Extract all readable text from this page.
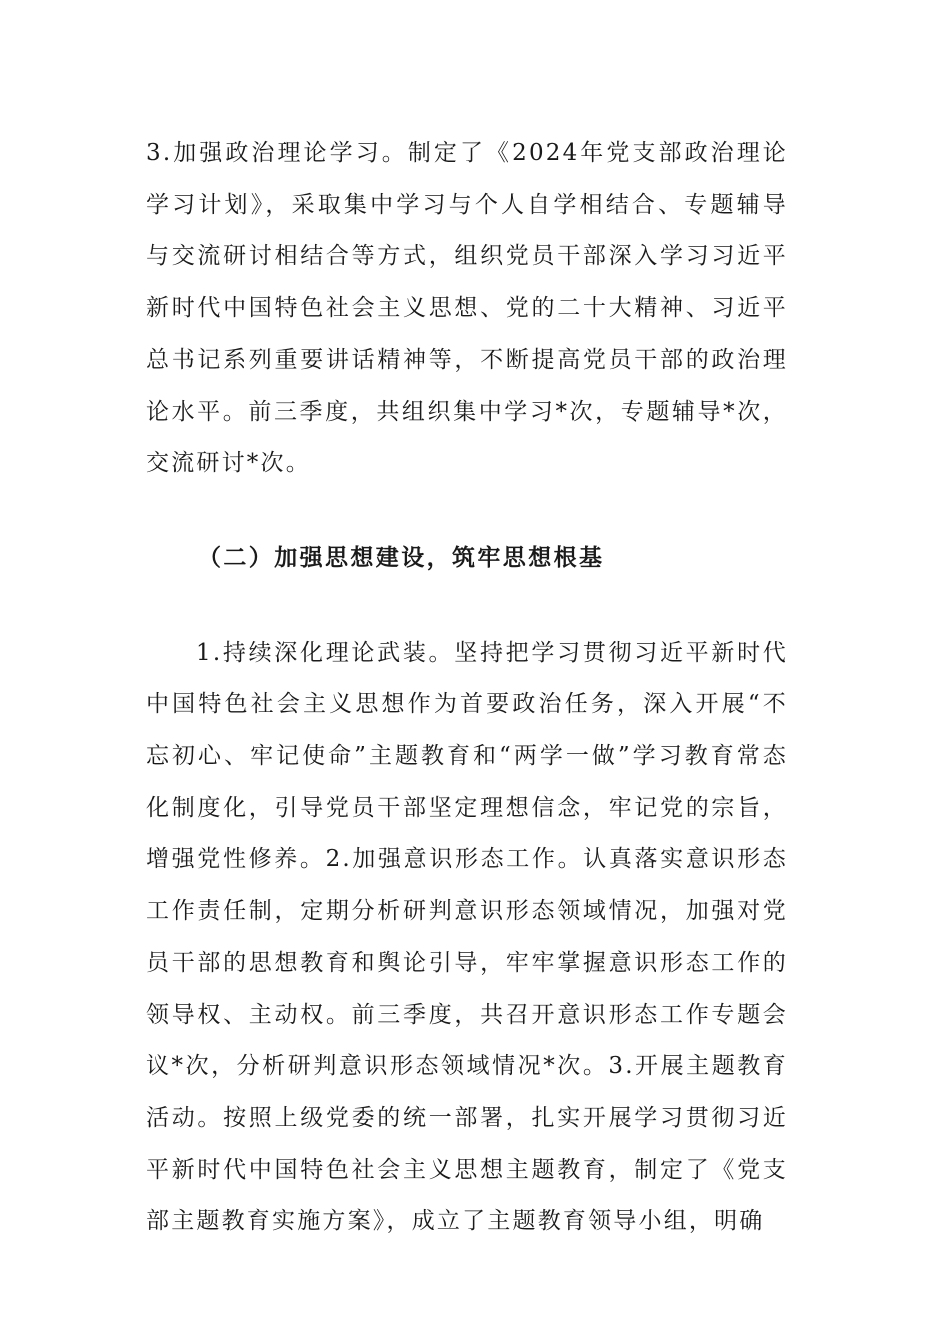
3.加强政治理论学习。制定了《2024年党支部政治理论学习计划》，采取集中学习与个人自学相结合、专题辅导与交流研讨相结合等方式，组织党员干部深入学习习近平新时代中国特色社会主义思想、党的二十大精神、习近平总书记系列重要讲话精神等，不断提高党员干部的政治理论水平。前三季度，共组织集中学习*次，专题辅导*次，交流研讨*次。

（二）加强思想建设，筑牢思想根基

1.持续深化理论武装。坚持把学习贯彻习近平新时代中国特色社会主义思想作为首要政治任务，深入开展“不忘初心、牢记使命”主题教育和“两学一做”学习教育常态化制度化，引导党员干部坚定理想信念，牢记党的宗旨，增强党性修养。2.加强意识形态工作。认真落实意识形态工作责任制，定期分析研判意识形态领域情况，加强对党员干部的思想教育和舆论引导，牢牢掌握意识形态工作的领导权、主动权。前三季度，共召开意识形态工作专题会议*次，分析研判意识形态领域情况*次。3.开展主题教育活动。按照上级党委的统一部署，扎实开展学习贯彻习近平新时代中国特色社会主义思想主题教育，制定了《党支部主题教育实施方案》，成立了主题教育领导小组，明确
